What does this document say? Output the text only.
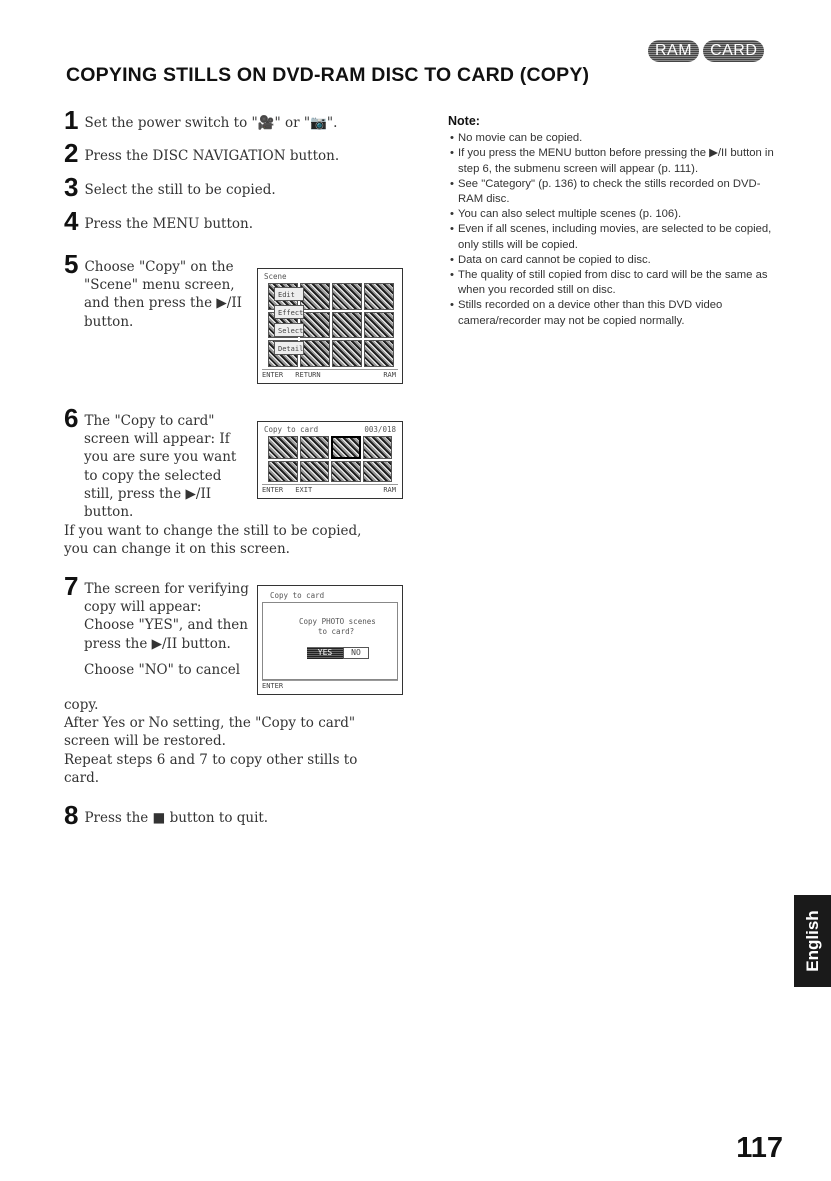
COPYING STILLS ON DVD-RAM DISC TO CARD (COPY)
RAM	CARD
1 Set the power switch to "🎥" or "📷".
2 Press the DISC NAVIGATION button.
3 Select the still to be copied.
4 Press the MENU button.
5 Choose "Copy" on the
"Scene" menu screen,
and then press the ▶/II
button.
Scene
Edit
Effect
Select
Detail
ENTER RETURN	RAM
6 The "Copy to card"
screen will appear: If
you are sure you want
to copy the selected
still, press the ▶/II
button.
Copy to card	003/018
ENTER EXIT	RAM
If you want to change the still to be copied,
you can change it on this screen.
7 The screen for verifying
copy will appear:
Choose "YES", and then
press the ▶/II button.
Choose "NO" to cancel
Copy to card
Copy PHOTO scenes
to card?
YES	NO
ENTER
copy.
After Yes or No setting, the "Copy to card"
screen will be restored.
Repeat steps 6 and 7 to copy other stills to
card.
8 Press the ■ button to quit.
Note:
• No movie can be copied.
• If you press the MENU button before pressing the ▶/II button in step 6, the submenu screen will appear (p. 111).
• See "Category" (p. 136) to check the stills recorded on DVD-RAM disc.
• You can also select multiple scenes (p. 106).
• Even if all scenes, including movies, are selected to be copied, only stills will be copied.
• Data on card cannot be copied to disc.
• The quality of still copied from disc to card will be the same as when you recorded still on disc.
• Stills recorded on a device other than this DVD video camera/recorder may not be copied normally.
English
117
